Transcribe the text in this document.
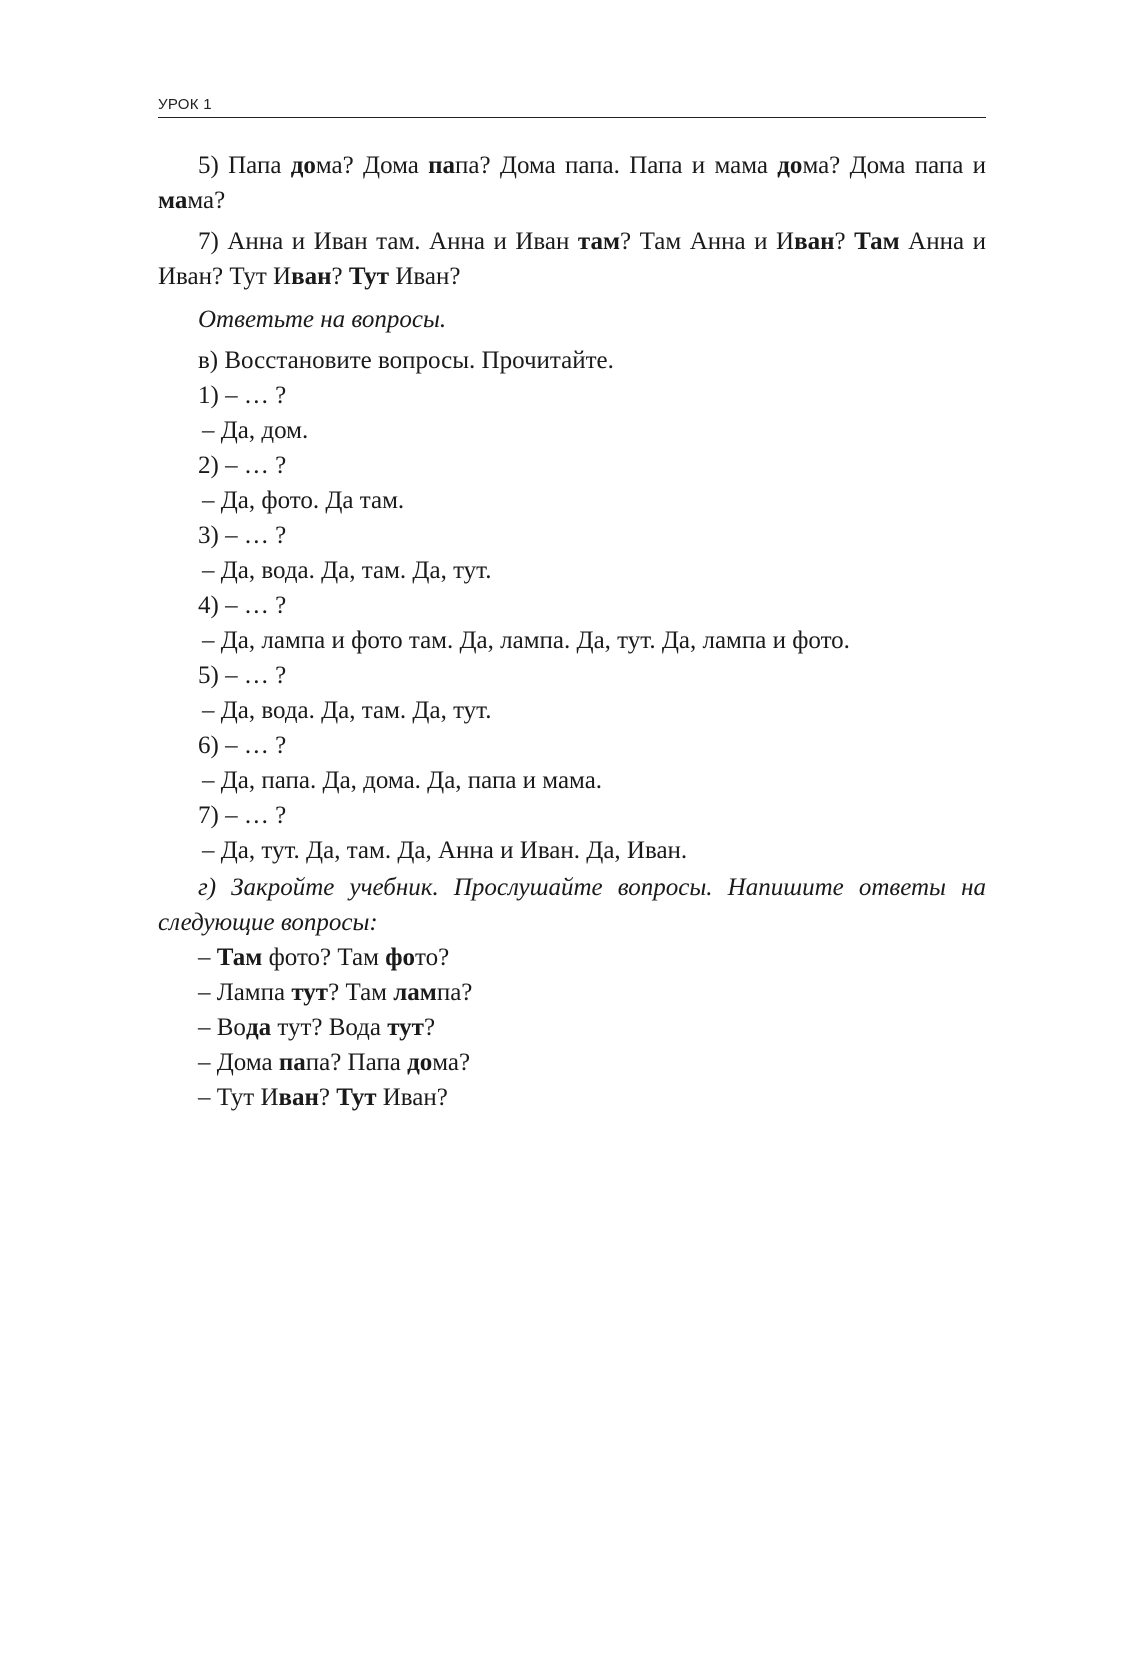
УРОК 1

5) Папа дома? Дома папа? Дома папа. Папа и мама дома? Дома папа и мама?

7) Анна и Иван там. Анна и Иван там? Там Анна и Иван? Там Анна и Иван? Тут Иван? Тут Иван?

Ответьте на вопросы.
в) Восстановите вопросы. Прочитайте.
1) – … ?
– Да, дом.
2) – … ?
– Да, фото. Да там.
3) – … ?
– Да, вода. Да, там. Да, тут.
4) – … ?
– Да, лампа и фото там. Да, лампа. Да, тут. Да, лампа и фото.
5) – … ?
– Да, вода. Да, там. Да, тут.
6) – … ?
– Да, папа. Да, дома. Да, папа и мама.
7) – … ?
– Да, тут. Да, там. Да, Анна и Иван. Да, Иван.

г) Закройте учебник. Прослушайте вопросы. Напишите ответы на следующие вопросы:

– Там фото? Там фото?
– Лампа тут? Там лампа?
– Вода тут? Вода тут?
– Дома папа? Папа дома?
– Тут Иван? Тут Иван?
